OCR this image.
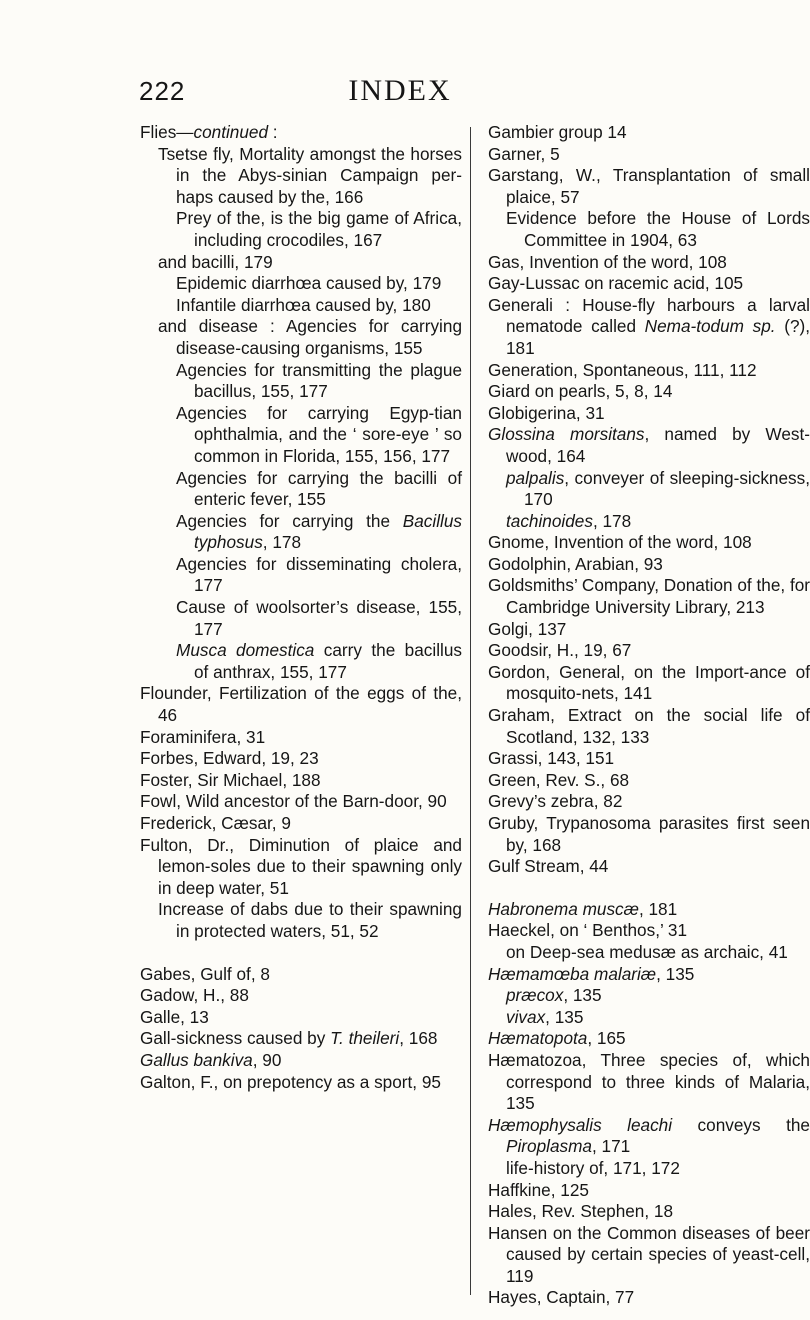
222	INDEX

Flies—continued :

Tsetse fly, Mortality amongst the horses in the Abys-sinian Campaign per-haps caused by the, 166

Prey of the, is the big game of Africa, including crocodiles, 167

and bacilli, 179

Epidemic diarrhœa caused by, 179

Infantile diarrhœa caused by, 180

and disease : Agencies for carrying disease-causing organisms, 155

Agencies for transmitting the plague bacillus, 155, 177

Agencies for carrying Egyp-tian ophthalmia, and the ‘ sore-eye ’ so common in Florida, 155, 156, 177

Agencies for carrying the bacilli of enteric fever, 155

Agencies for carrying the Bacillus typhosus, 178

Agencies for disseminating cholera, 177

Cause of woolsorter’s disease, 155, 177

Musca domestica carry the bacillus of anthrax, 155, 177

Flounder, Fertilization of the eggs of the, 46

Foraminifera, 31

Forbes, Edward, 19, 23

Foster, Sir Michael, 188

Fowl, Wild ancestor of the Barn-door, 90

Frederick, Cæsar, 9

Fulton, Dr., Diminution of plaice and lemon-soles due to their spawning only in deep water, 51

Increase of dabs due to their spawning in protected waters, 51, 52

Gabes, Gulf of, 8

Gadow, H., 88

Galle, 13

Gall-sickness caused by T. theileri, 168

Gallus bankiva, 90

Galton, F., on prepotency as a sport, 95

Gambier group 14

Garner, 5

Garstang, W., Transplantation of small plaice, 57

Evidence before the House of Lords Committee in 1904, 63

Gas, Invention of the word, 108

Gay-Lussac on racemic acid, 105

Generali : House-fly harbours a larval nematode called Nema-todum sp. (?), 181

Generation, Spontaneous, 111, 112

Giard on pearls, 5, 8, 14

Globigerina, 31

Glossina morsitans, named by West-wood, 164

palpalis, conveyer of sleeping-sickness, 170

tachinoides, 178

Gnome, Invention of the word, 108

Godolphin, Arabian, 93

Goldsmiths’ Company, Donation of the, for Cambridge University Library, 213

Golgi, 137

Goodsir, H., 19, 67

Gordon, General, on the Import-ance of mosquito-nets, 141

Graham, Extract on the social life of Scotland, 132, 133

Grassi, 143, 151

Green, Rev. S., 68

Grevy’s zebra, 82

Gruby, Trypanosoma parasites first seen by, 168

Gulf Stream, 44

Habronema muscæ, 181

Haeckel, on ‘ Benthos,’ 31

on Deep-sea medusæ as archaic, 41

Hæmamœba malariæ, 135

præcox, 135

vivax, 135

Hæmatopota, 165

Hæmatozoa, Three species of, which correspond to three kinds of Malaria, 135

Hæmophysalis leachi conveys the Piroplasma, 171

life-history of, 171, 172

Haffkine, 125

Hales, Rev. Stephen, 18

Hansen on the Common diseases of beer caused by certain species of yeast-cell, 119

Hayes, Captain, 77
